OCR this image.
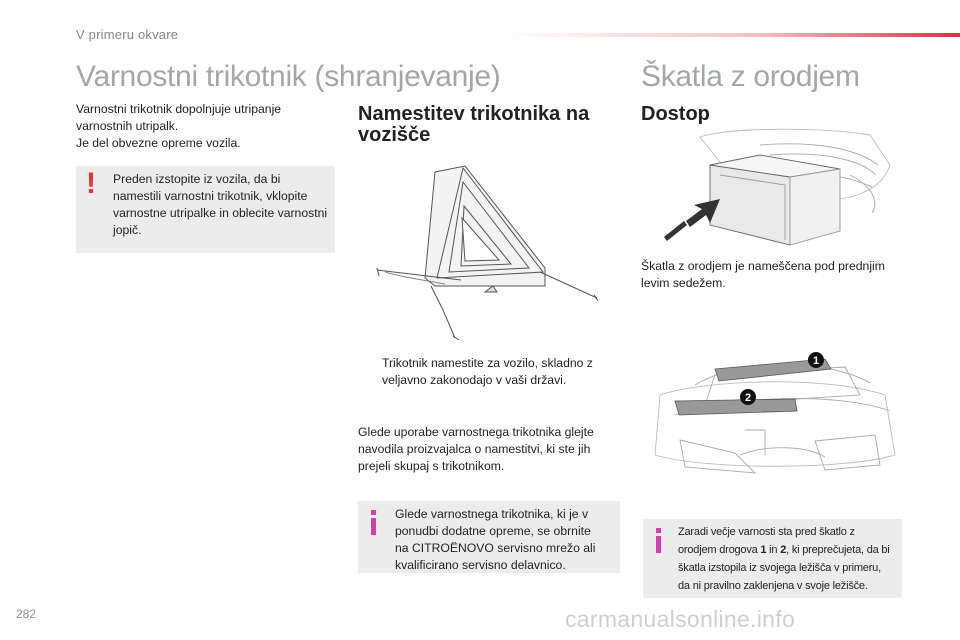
V primeru okvare
Varnostni trikotnik (shranjevanje)
Varnostni trikotnik dopolnjuje utripanje
varnostnih utripalk.
Je del obvezne opreme vozila.
! Preden izstopite iz vozila, da bi
namestili varnostni trikotnik, vklopite
varnostne utripalke in oblecite varnostni
jopič.
Namestitev trikotnika na
vozišče
Trikotnik namestite za vozilo, skladno z
veljavno zakonodajo v vaši državi.
Glede uporabe varnostnega trikotnika glejte
navodila proizvajalca o namestitvi, ki ste jih
prejeli skupaj s trikotnikom.
Glede varnostnega trikotnika, ki je v
ponudbi dodatne opreme, se obrnite
na CITROËNOVO servisno mrežo ali
kvalificirano servisno delavnico.
Škatla z orodjem
Dostop
Škatla z orodjem je nameščena pod prednjim
levim sedežem.
1
2
Zaradi večje varnosti sta pred škatlo z
orodjem drogova 1 in 2, ki preprečujeta, da bi
škatla izstopila iz svojega ležišča v primeru,
da ni pravilno zaklenjena v svoje ležišče.
282	carmanualsonline.info
